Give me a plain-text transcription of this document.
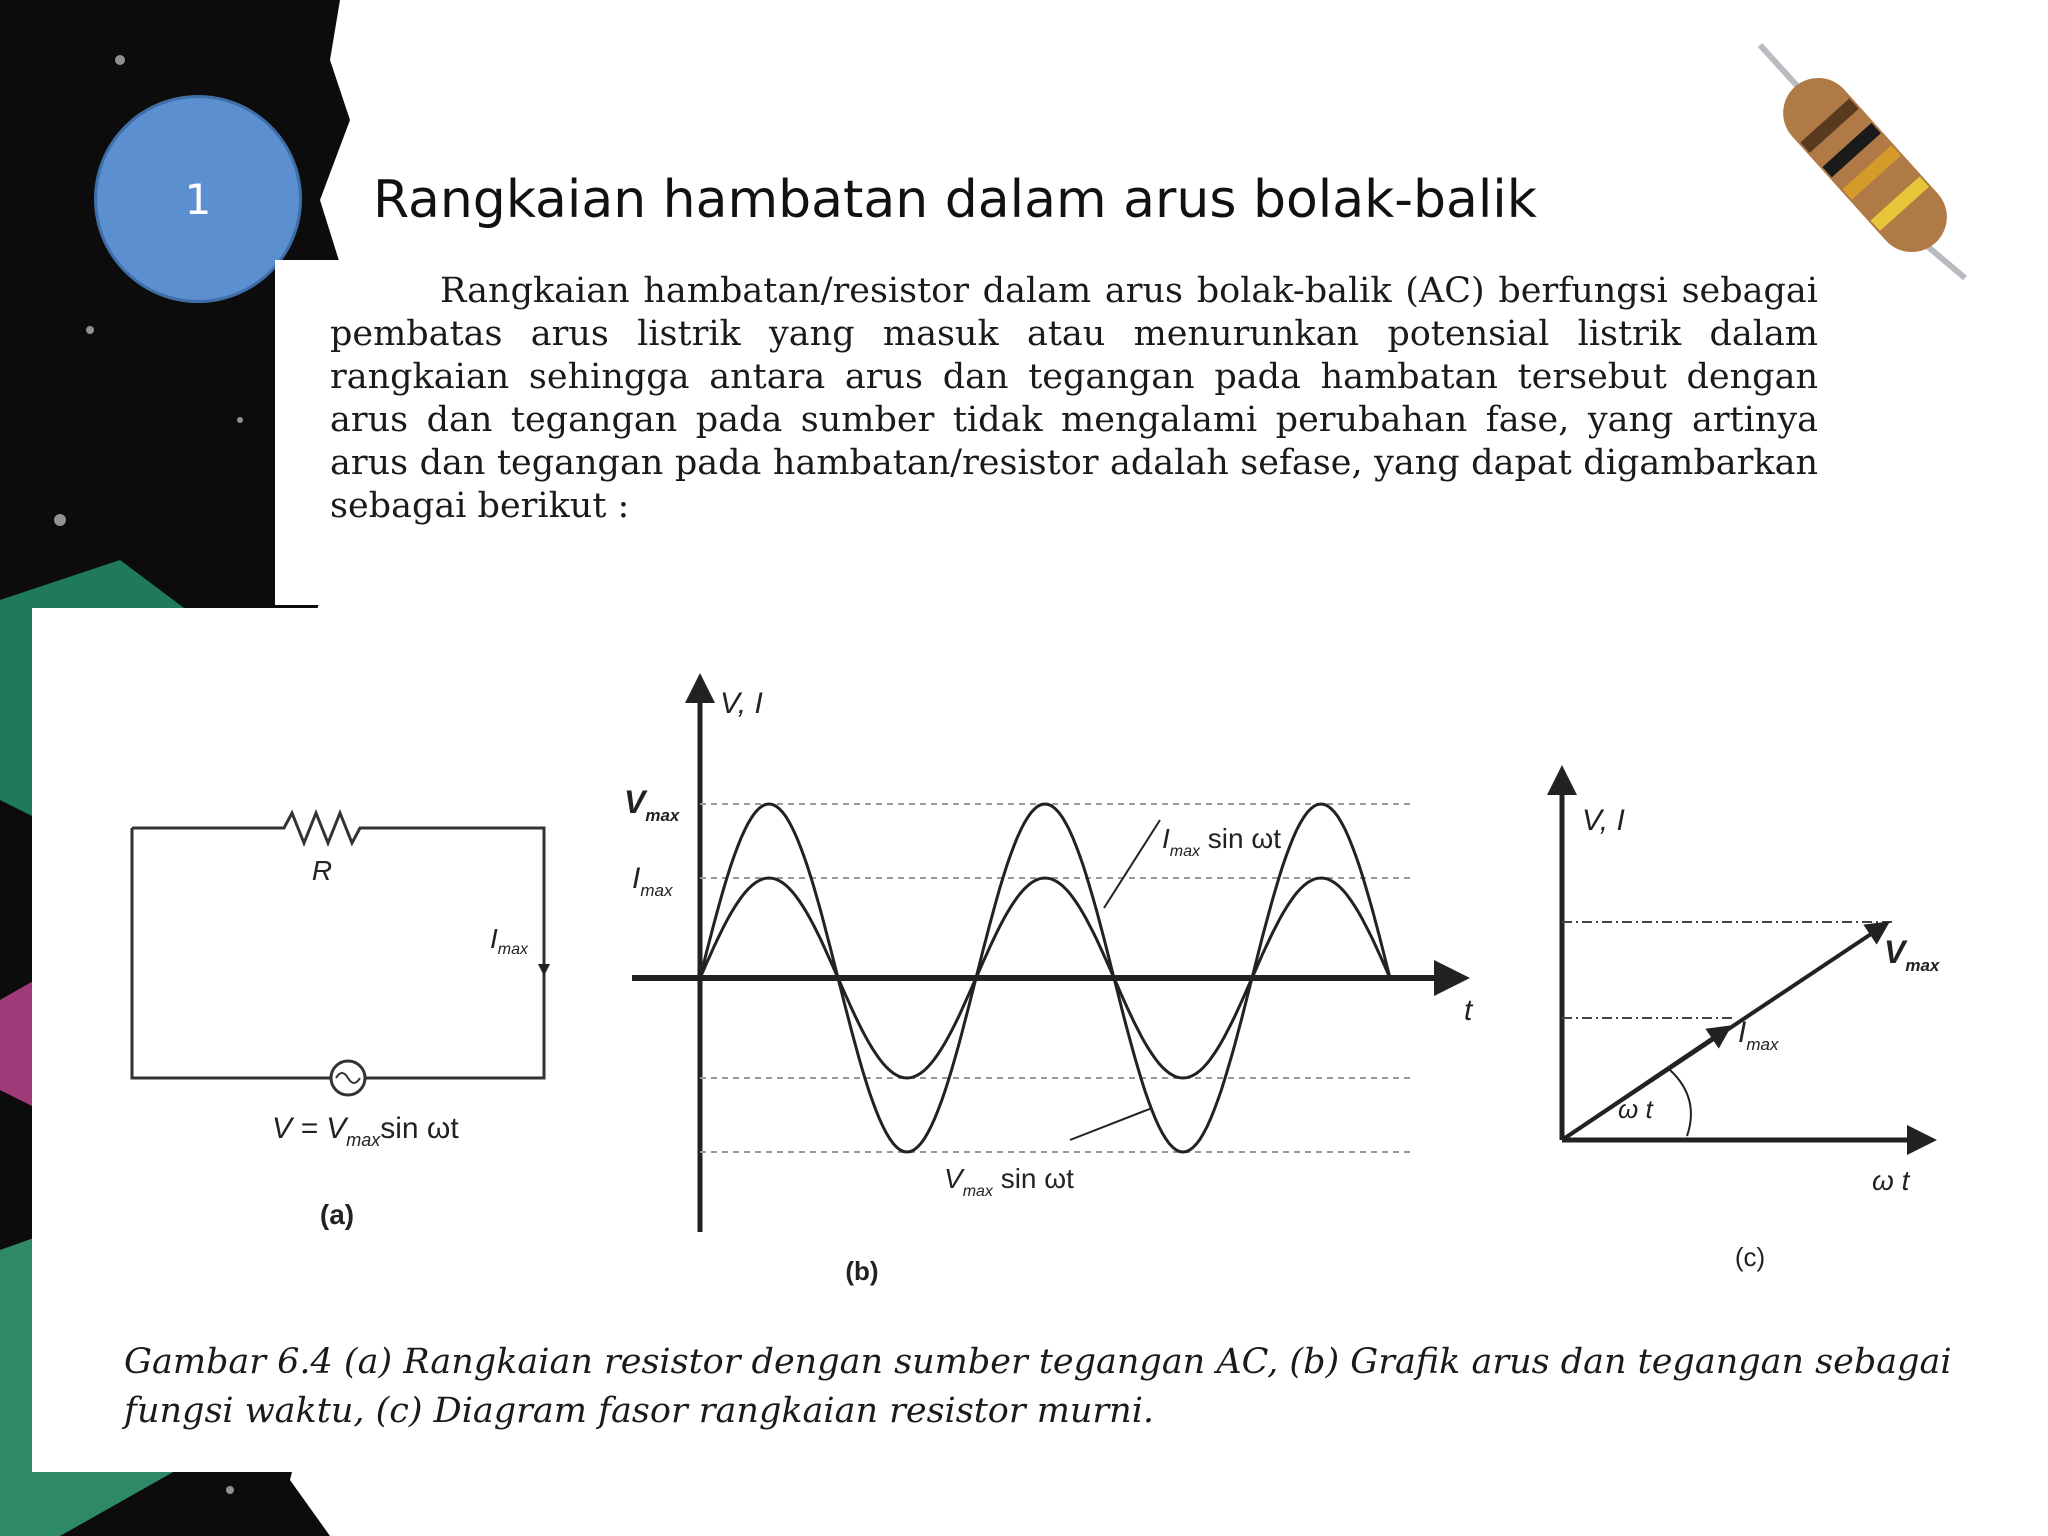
1	Rangkaian hambatan dalam arus bolak-balik

Rangkaian hambatan/resistor dalam arus bolak-balik (AC) berfungsi sebagai pembatas arus listrik yang masuk atau menurunkan potensial listrik dalam rangkaian sehingga antara arus dan tegangan pada hambatan tersebut dengan arus dan tegangan pada sumber tidak mengalami perubahan fase, yang artinya arus dan tegangan pada hambatan/resistor adalah sefase, yang dapat digambarkan sebagai berikut :

R
$I_{max}$
$V = V_{max}\sin$ ωt
(a)
V, I
t
$V_{max}$
$I_{max}$
$I_{max}$ sin ωt
$V_{max}$ sin ωt
(b)
V, I
ω t
$V_{max}$
$I_{max}$
ω t
(c)

Gambar 6.4 (a) Rangkaian resistor dengan sumber tegangan AC, (b) Grafik arus dan tegangan sebagai fungsi waktu, (c) Diagram fasor rangkaian resistor murni.
